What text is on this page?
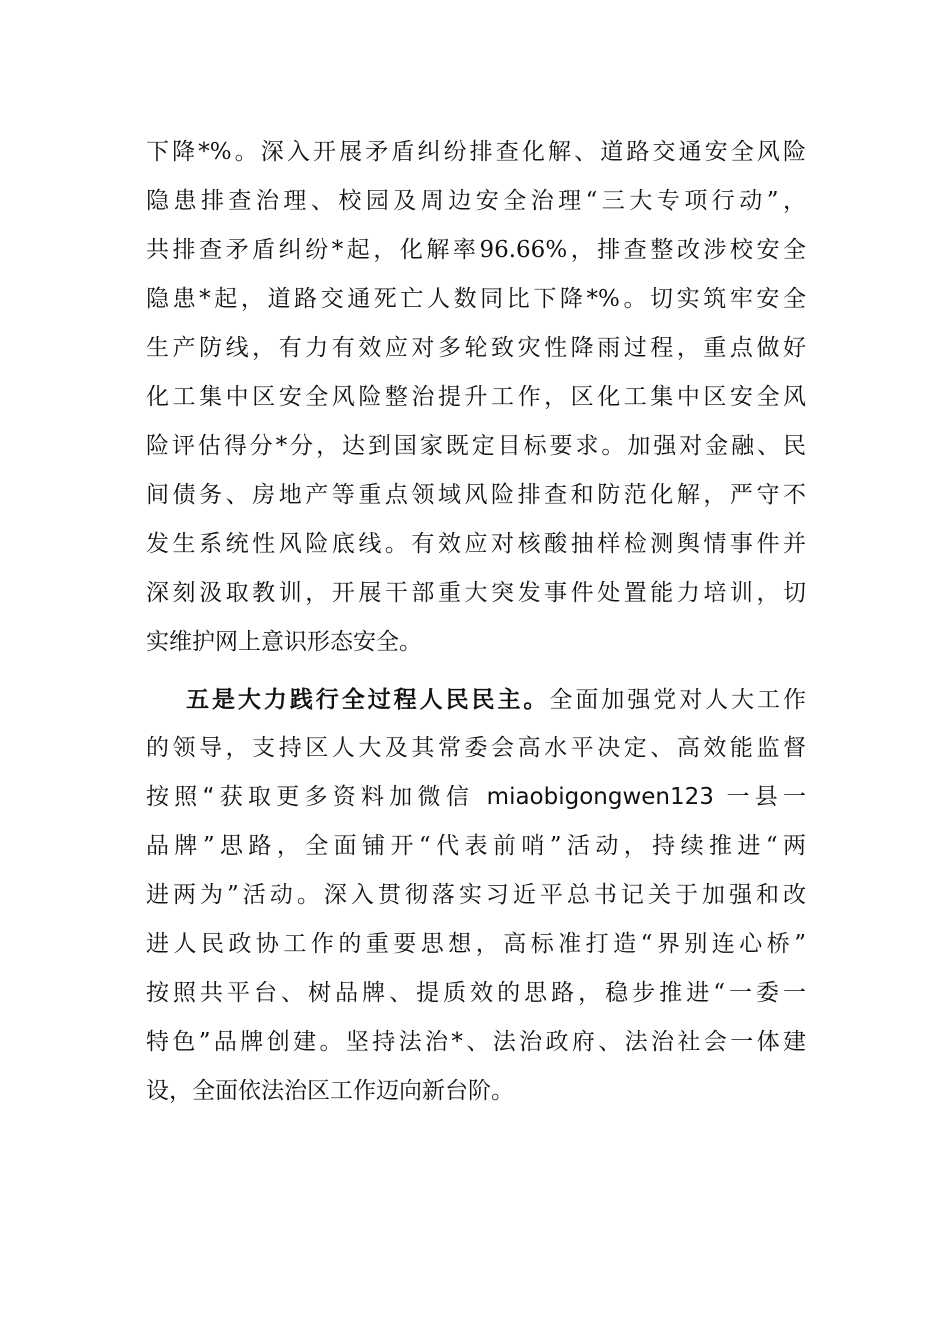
下降*%。深入开展矛盾纠纷排查化解、道路交通安全风险
隐患排查治理、校园及周边安全治理“三大专项行动”，
共排查矛盾纠纷*起，化解率96.66%，排查整改涉校安全
隐患*起，道路交通死亡人数同比下降*%。切实筑牢安全
生产防线，有力有效应对多轮致灾性降雨过程，重点做好
化工集中区安全风险整治提升工作，区化工集中区安全风
险评估得分*分，达到国家既定目标要求。加强对金融、民
间债务、房地产等重点领域风险排查和防范化解，严守不
发生系统性风险底线。有效应对核酸抽样检测舆情事件并
深刻汲取教训，开展干部重大突发事件处置能力培训，切
实维护网上意识形态安全。
五是大力践行全过程人民民主。全面加强党对人大工作
的领导，支持区人大及其常委会高水平决定、高效能监督
按照“获取更多资料加微信 miaobigongwen123 一县一
品牌”思路，全面铺开“代表前哨”活动，持续推进“两
进两为”活动。深入贯彻落实习近平总书记关于加强和改
进人民政协工作的重要思想，高标准打造“界别连心桥”
按照共平台、树品牌、提质效的思路，稳步推进“一委一
特色”品牌创建。坚持法治*、法治政府、法治社会一体建
设，全面依法治区工作迈向新台阶。
